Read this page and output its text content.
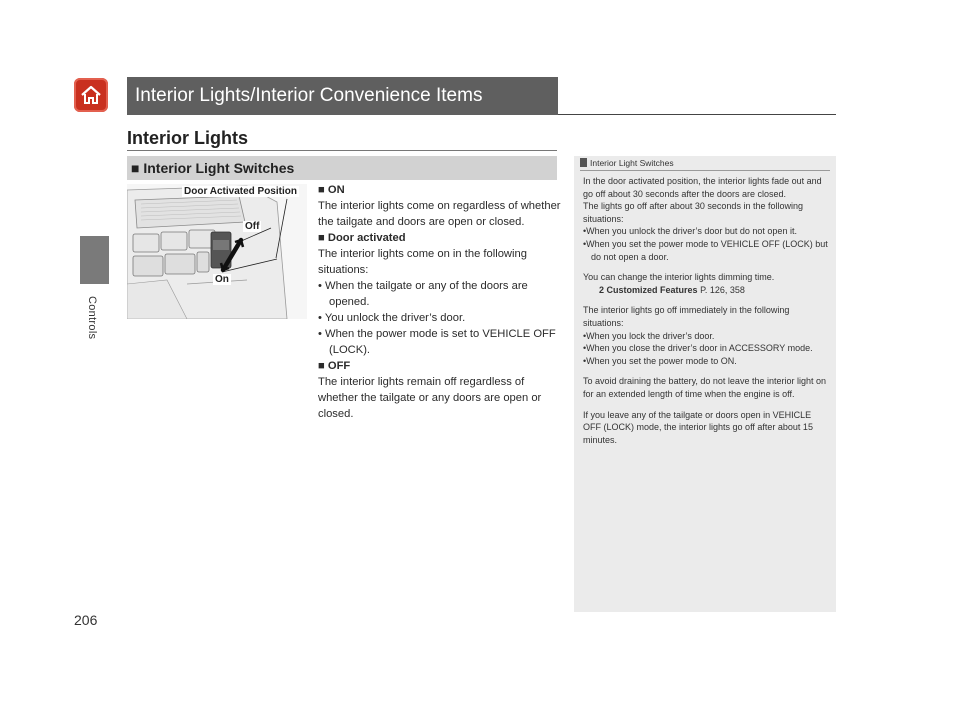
Controls
Interior Lights/Interior Convenience Items
Interior Lights
■ Interior Light Switches
Door Activated Position
Off
On
■ ON
The interior lights come on regardless of whether the tailgate and doors are open or closed.
■ Door activated
The interior lights come on in the following situations:
• When the tailgate or any of the doors are opened.
• You unlock the driver’s door.
• When the power mode is set to VEHICLE OFF (LOCK).
■ OFF
The interior lights remain off regardless of whether the tailgate or any doors are open or closed.
Interior Light Switches
In the door activated position, the interior lights fade out and go off about 30 seconds after the doors are closed.
The lights go off after about 30 seconds in the following situations:
•When you unlock the driver’s door but do not open it.
•When you set the power mode to VEHICLE OFF (LOCK) but do not open a door.
You can change the interior lights dimming time.
2 Customized Features P. 126, 358
The interior lights go off immediately in the following situations:
•When you lock the driver’s door.
•When you close the driver’s door in ACCESSORY mode.
•When you set the power mode to ON.
To avoid draining the battery, do not leave the interior light on for an extended length of time when the engine is off.
If you leave any of the tailgate or doors open in VEHICLE OFF (LOCK) mode, the interior lights go off after about 15 minutes.
206
